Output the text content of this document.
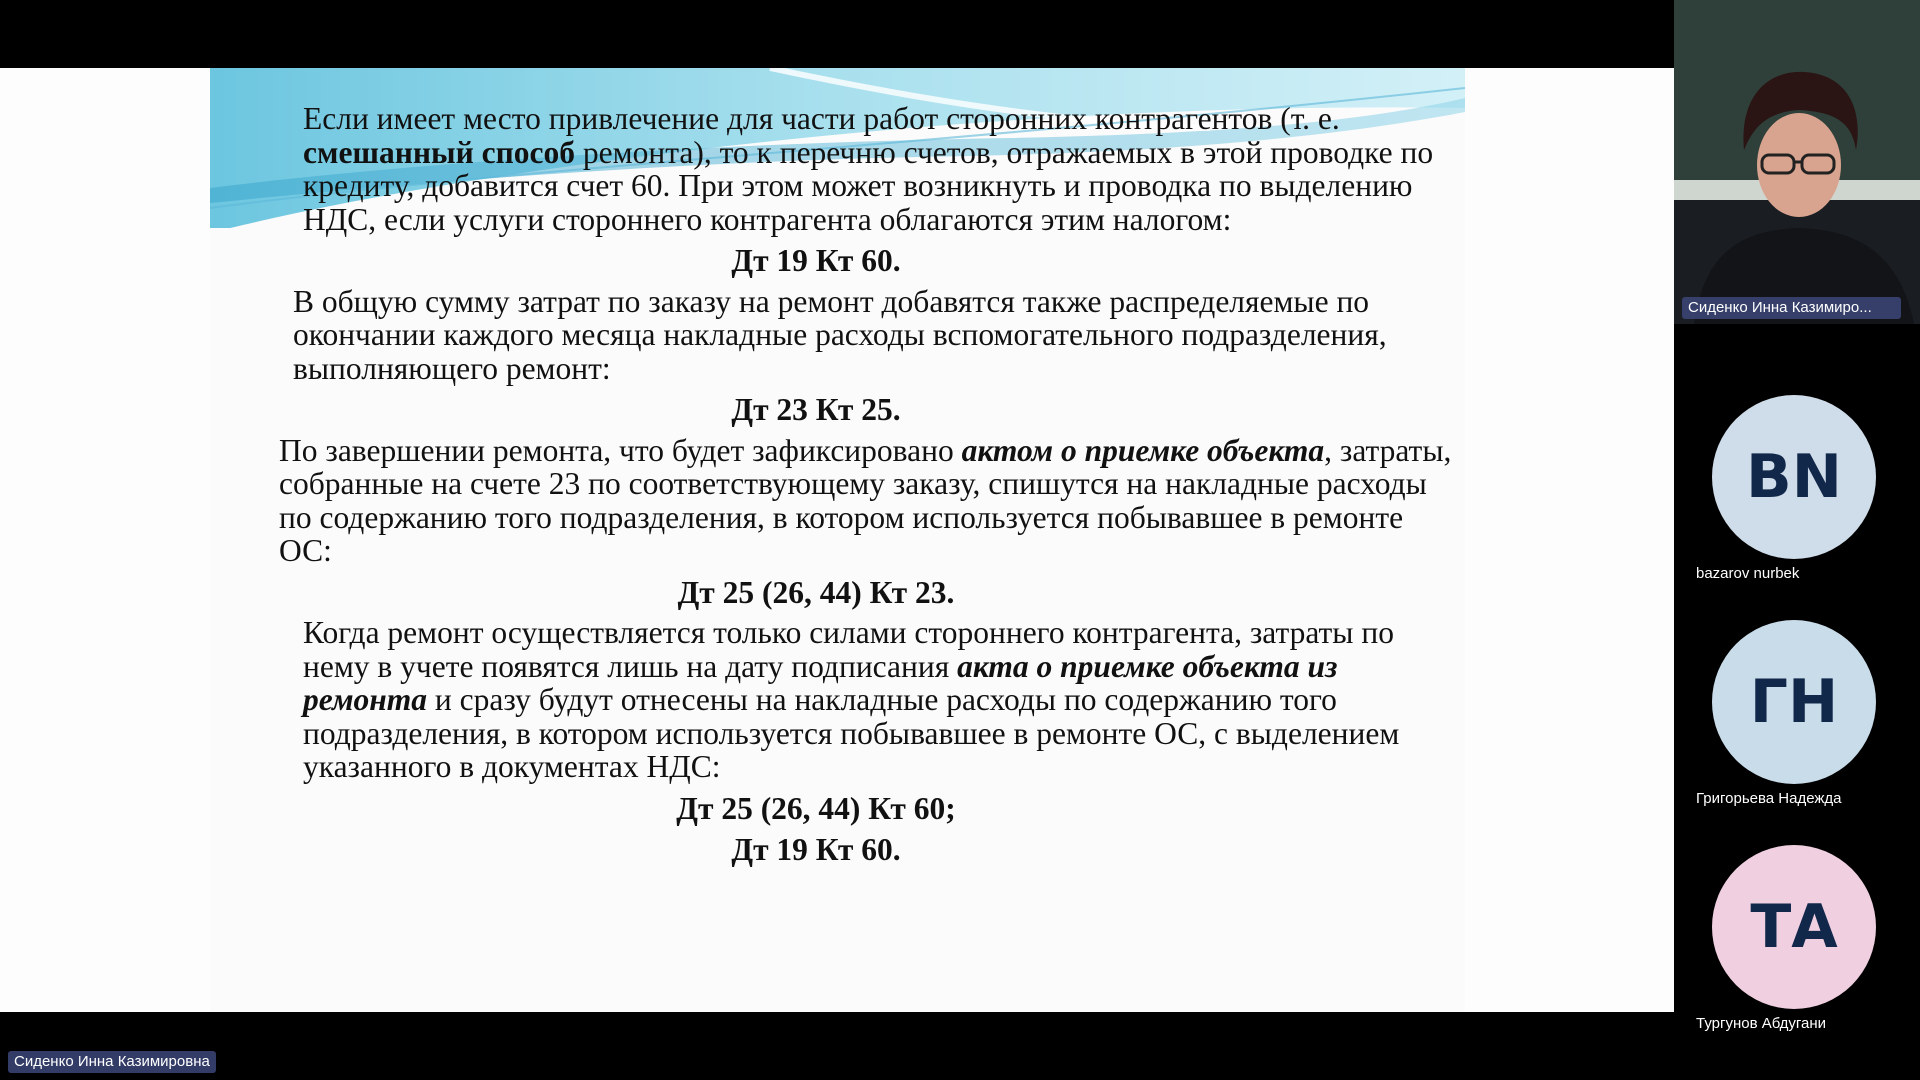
Если имеет место привлечение для части работ сторонних контрагентов (т. е. смешанный способ ремонта), то к перечню счетов, отражаемых в этой проводке по кредиту, добавится счет 60. При этом может возникнуть и проводка по выделению НДС, если услуги стороннего контрагента облагаются этим налогом:

Дт 19 Кт 60.

В общую сумму затрат по заказу на ремонт добавятся также распределяемые по окончании каждого месяца накладные расходы вспомогательного подразделения, выполняющего ремонт:

Дт 23 Кт 25.

По завершении ремонта, что будет зафиксировано актом о приемке объекта, затраты, собранные на счете 23 по соответствующему заказу, спишутся на накладные расходы по содержанию того подразделения, в котором используется побывавшее в ремонте ОС:

Дт 25 (26, 44) Кт 23.

Когда ремонт осуществляется только силами стороннего контрагента, затраты по нему в учете появятся лишь на дату подписания акта о приемке объекта из ремонта и сразу будут отнесены на накладные расходы по содержанию того подразделения, в котором используется побывавшее в ремонте ОС, с выделением указанного в документах НДС:

Дт 25 (26, 44) Кт 60;

Дт 19 Кт 60.

Сиденко Инна Казимиро...
BN
bazarov nurbek
ГН
Григорьева Надежда
ТА
Тургунов Абдугани
Сиденко Инна Казимировна
